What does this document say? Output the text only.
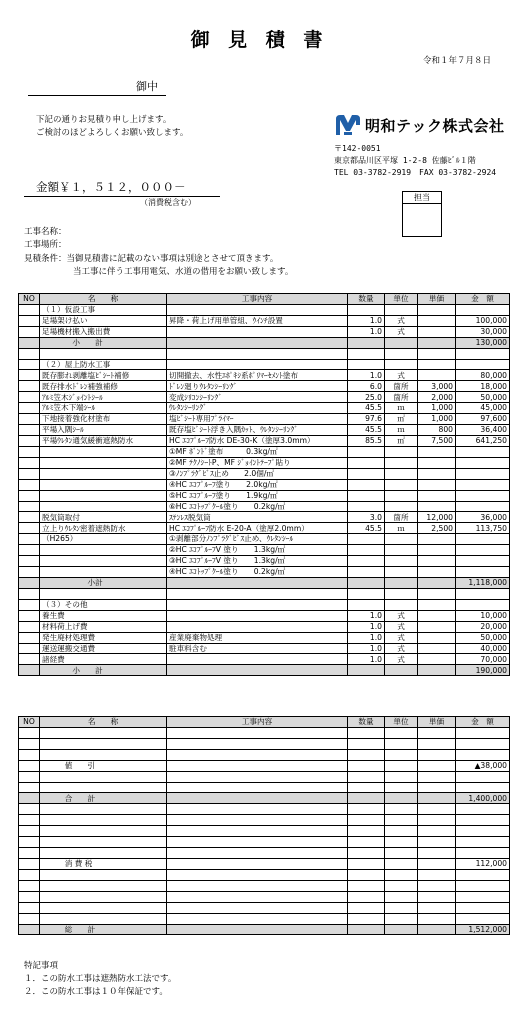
御 見 積 書
令和１年７月８日
御中
下記の通りお見積り申し上げます。
ご検討のほどよろしくお願い致します。	明和テック株式会社
〒142-0051
東京都品川区平塚 1-2-8 佐藤ﾋﾞﾙ１階
TEL 03-3782-2919　FAX 03-3782-2924
金額￥１，５１２，０００－
（消費税含む）
担当
工事名称：
工事場所：
見積条件：当御見積書に記載のない事項は別途とさせて頂きます。
当工事に伴う工事用電気、水道の借用をお願い致します。
NO	名　　称	工事内容	数量	単位	単価	金　額
	（１）仮設工事					
	足場架け払い	昇降・荷上げ用単管組、ｳｲﾝﾁ設置	1.0	式		100,000
	足場機材搬入搬出費		1.0	式		30,000
	　　　　小　　計					130,000

	（２）屋上防水工事					
	既存膨れ剥離塩ﾋﾞｼｰﾄ補修	切開撤去、水性ｴﾎﾟｷｼ系ﾎﾟﾘﾏｰｾﾒﾝﾄ塗布	1.0	式		80,000
	既存排水ﾄﾞﾚﾝ補強補修	ﾄﾞﾚﾝ廻りｳﾚﾀﾝｼｰﾘﾝｸﾞ	6.0	箇所	3,000	18,000
	ｱﾙﾐ笠木ｼﾞｮｲﾝﾄｼｰﾙ	変成ｼﾘｺﾝｼｰﾘﾝｸﾞ	25.0	箇所	2,000	50,000
	ｱﾙﾐ笠木下端ｼｰﾙ	ｳﾚﾀﾝｼｰﾘﾝｸﾞ	45.5	ｍ	1,000	45,000
	下地接着強化材塗布	塩ﾋﾞｼｰﾄ専用ﾌﾟﾗｲﾏｰ	97.6	㎡	1,000	97,600
	平場入隅ｼｰﾙ	既存塩ﾋﾞｼｰﾄ浮き入隅ｶｯﾄ、ｳﾚﾀﾝｼｰﾘﾝｸﾞ	45.5	ｍ	800	36,400
	平場ｳﾚﾀﾝ通気緩衝遮熱防水	HC ｴｺﾌﾟﾙｰﾌ防水 DE-30-K（塗厚3.0mm）	85.5	㎡	7,500	641,250
		①MF ﾎﾞﾝﾄﾞ塗布　　　0.3kg/㎡				
		②MF ﾃｸﾉｼｰﾄP、MF ｼﾞｮｲﾝﾄﾃｰﾌﾟ貼り				
		③ﾉﾝﾌﾟﾗｸﾞﾋﾞｽ止め　　2.0個/㎡				
		④HC ｴｺﾌﾟﾙｰﾌ塗り　　2.0kg/㎡				
		⑤HC ｴｺﾌﾟﾙｰﾌ塗り　　1.9kg/㎡				
		⑥HC ｴｺﾄｯﾌﾟｸｰﾙ塗り　　0.2kg/㎡				
	脱気筒取付	ｽﾃﾝﾚｽ脱気筒	3.0	箇所	12,000	36,000
	立上りｳﾚﾀﾝ密着遮熱防水	HC ｴｺﾌﾟﾙｰﾌ防水 E-20-A（塗厚2.0mm）	45.5	ｍ	2,500	113,750
	（H265）	①剥離部分ﾉﾝﾌﾟﾗｸﾞﾋﾞｽ止め、ｳﾚﾀﾝｼｰﾙ				
		②HC ｴｺﾌﾟﾙｰﾌV 塗り　　1.3kg/㎡				
		③HC ｴｺﾌﾟﾙｰﾌV 塗り　　1.3kg/㎡				
		④HC ｴｺﾄｯﾌﾟｸｰﾙ塗り　　0.2kg/㎡				
	　　　　　　小計					1,118,000

	（３）その他					
	養生費		1.0	式		10,000
	材料荷上げ費		1.0	式		20,000
	発生廃材処理費	産業廃棄物処理	1.0	式		50,000
	運送運搬交通費	駐車料含む	1.0	式		40,000
	諸経費		1.0	式		70,000
	　　　　小　　計					190,000
NO	名　　称	工事内容	数量	単位	単価	金　額

	　　　値　　引					▲38,000

	　　　合　　計					1,400,000

	　　　消 費 税					112,000

	　　　総　　計					1,512,000
特記事項
１．この防水工事は遮熱防水工法です。
２．この防水工事は１０年保証です。
